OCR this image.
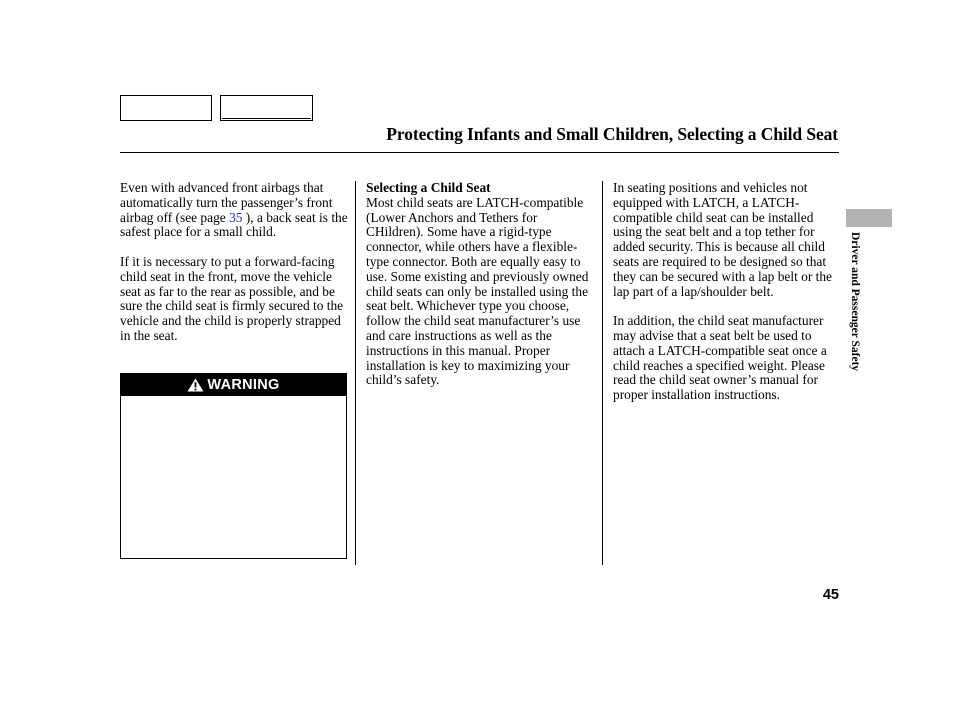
Protecting Infants and Small Children, Selecting a Child Seat

Even with advanced front airbags that automatically turn the passenger’s front airbag off (see page 35 ), a back seat is the safest place for a small child.

If it is necessary to put a forward-facing child seat in the front, move the vehicle seat as far to the rear as possible, and be sure the child seat is firmly secured to the vehicle and the child is properly strapped in the seat.

WARNING

Selecting a Child Seat
Most child seats are LATCH-compatible (Lower Anchors and Tethers for CHildren). Some have a rigid-type connector, while others have a flexible-type connector. Both are equally easy to use. Some existing and previously owned child seats can only be installed using the seat belt. Whichever type you choose, follow the child seat manufacturer’s use and care instructions as well as the instructions in this manual. Proper installation is key to maximizing your child’s safety.

In seating positions and vehicles not equipped with LATCH, a LATCH-compatible child seat can be installed using the seat belt and a top tether for added security. This is because all child seats are required to be designed so that they can be secured with a lap belt or the lap part of a lap/shoulder belt.

In addition, the child seat manufacturer may advise that a seat belt be used to attach a LATCH-compatible seat once a child reaches a specified weight. Please read the child seat owner’s manual for proper installation instructions.

Driver and Passenger Safety
45
